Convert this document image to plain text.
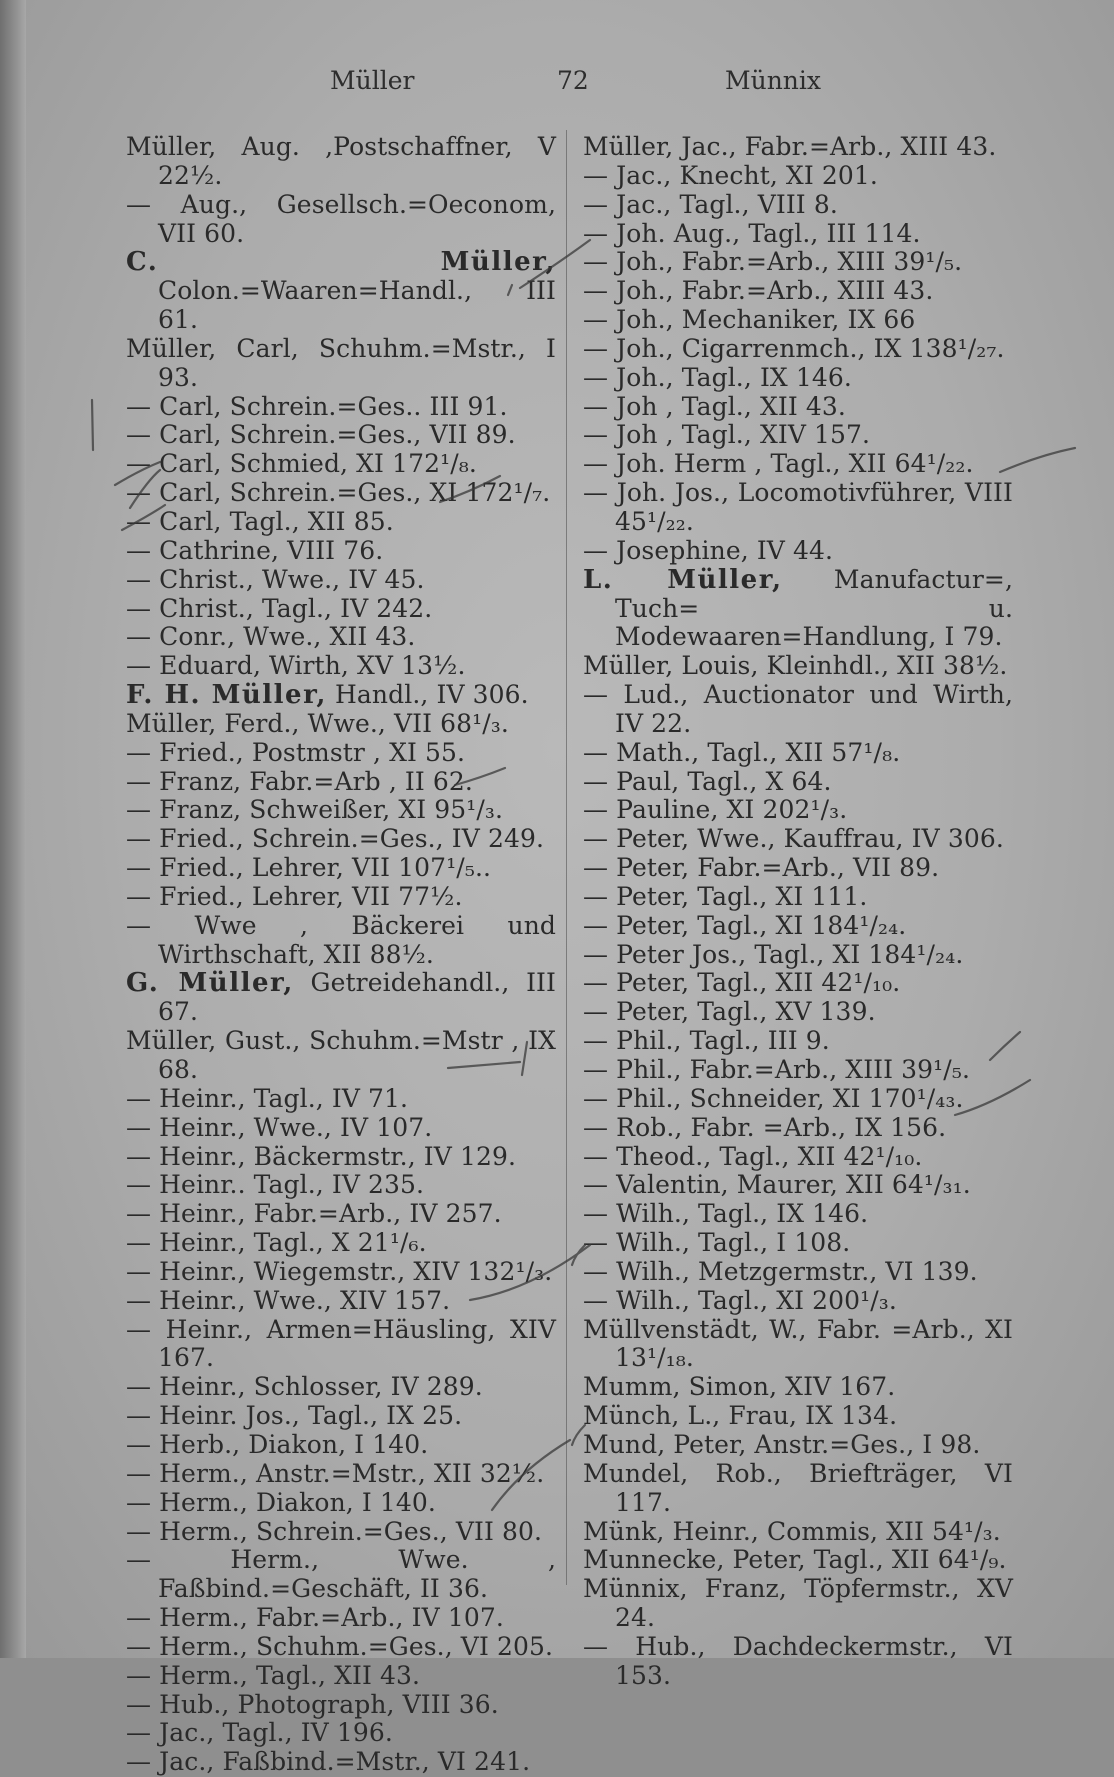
Müller	72	Münnix
Müller, Aug. ,Postschaffner, V 22½.
— Aug., Gesellsch.=Oeconom, VII 60.
C. Müller, Colon.=Waaren=Handl., III 61.
Müller, Carl, Schuhm.=Mstr., I 93.
— Carl, Schrein.=Ges.. III 91.
— Carl, Schrein.=Ges., VII 89.
— Carl, Schmied, XI 172¹/₈.
— Carl, Schrein.=Ges., XI 172¹/₇.
— Carl, Tagl., XII 85.
— Cathrine, VIII 76.
— Christ., Wwe., IV 45.
— Christ., Tagl., IV 242.
— Conr., Wwe., XII 43.
— Eduard, Wirth, XV 13½.
F. H. Müller, Handl., IV 306.
Müller, Ferd., Wwe., VII 68¹/₃.
— Fried., Postmstr , XI 55.
— Franz, Fabr.=Arb , II 62.
— Franz, Schweißer, XI 95¹/₃.
— Fried., Schrein.=Ges., IV 249.
— Fried., Lehrer, VII 107¹/₅..
— Fried., Lehrer, VII 77½.
— Wwe , Bäckerei und Wirthschaft, XII 88½.
G. Müller, Getreidehandl., III 67.
Müller, Gust., Schuhm.=Mstr , IX 68.
— Heinr., Tagl., IV 71.
— Heinr., Wwe., IV 107.
— Heinr., Bäckermstr., IV 129.
— Heinr.. Tagl., IV 235.
— Heinr., Fabr.=Arb., IV 257.
— Heinr., Tagl., X 21¹/₆.
— Heinr., Wiegemstr., XIV 132¹/₃.
— Heinr., Wwe., XIV 157.
— Heinr., Armen=Häusling, XIV 167.
— Heinr., Schlosser, IV 289.
— Heinr. Jos., Tagl., IX 25.
— Herb., Diakon, I 140.
— Herm., Anstr.=Mstr., XII 32½.
— Herm., Diakon, I 140.
— Herm., Schrein.=Ges., VII 80.
— Herm., Wwe. , Faßbind.=Geschäft, II 36.
— Herm., Fabr.=Arb., IV 107.
— Herm., Schuhm.=Ges., VI 205.
— Herm., Tagl., XII 43.
— Hub., Photograph, VIII 36.
— Jac., Tagl., IV 196.
— Jac., Faßbind.=Mstr., VI 241.
Müller, Jac., Fabr.=Arb., XIII 43.
— Jac., Knecht, XI 201.
— Jac., Tagl., VIII 8.
— Joh. Aug., Tagl., III 114.
— Joh., Fabr.=Arb., XIII 39¹/₅.
— Joh., Fabr.=Arb., XIII 43.
— Joh., Mechaniker, IX 66
— Joh., Cigarrenmch., IX 138¹/₂₇.
— Joh., Tagl., IX 146.
— Joh , Tagl., XII 43.
— Joh , Tagl., XIV 157.
— Joh. Herm , Tagl., XII 64¹/₂₂.
— Joh. Jos., Locomotivführer, VIII 45¹/₂₂.
— Josephine, IV 44.
L. Müller, Manufactur=, Tuch= u. Modewaaren=Handlung, I 79.
Müller, Louis, Kleinhdl., XII 38½.
— Lud., Auctionator und Wirth, IV 22.
— Math., Tagl., XII 57¹/₈.
— Paul, Tagl., X 64.
— Pauline, XI 202¹/₃.
— Peter, Wwe., Kauffrau, IV 306.
— Peter, Fabr.=Arb., VII 89.
— Peter, Tagl., XI 111.
— Peter, Tagl., XI 184¹/₂₄.
— Peter Jos., Tagl., XI 184¹/₂₄.
— Peter, Tagl., XII 42¹/₁₀.
— Peter, Tagl., XV 139.
— Phil., Tagl., III 9.
— Phil., Fabr.=Arb., XIII 39¹/₅.
— Phil., Schneider, XI 170¹/₄₃.
— Rob., Fabr. =Arb., IX 156.
— Theod., Tagl., XII 42¹/₁₀.
— Valentin, Maurer, XII 64¹/₃₁.
— Wilh., Tagl., IX 146.
— Wilh., Tagl., I 108.
— Wilh., Metzgermstr., VI 139.
— Wilh., Tagl., XI 200¹/₃.
Müllvenstädt, W., Fabr. =Arb., XI 13¹/₁₈.
Mumm, Simon, XIV 167.
Münch, L., Frau, IX 134.
Mund, Peter, Anstr.=Ges., I 98.
Mundel, Rob., Briefträger, VI 117.
Münk, Heinr., Commis, XII 54¹/₃.
Munnecke, Peter, Tagl., XII 64¹/₉.
Münnix, Franz, Töpfermstr., XV 24.
— Hub., Dachdeckermstr., VI 153.
